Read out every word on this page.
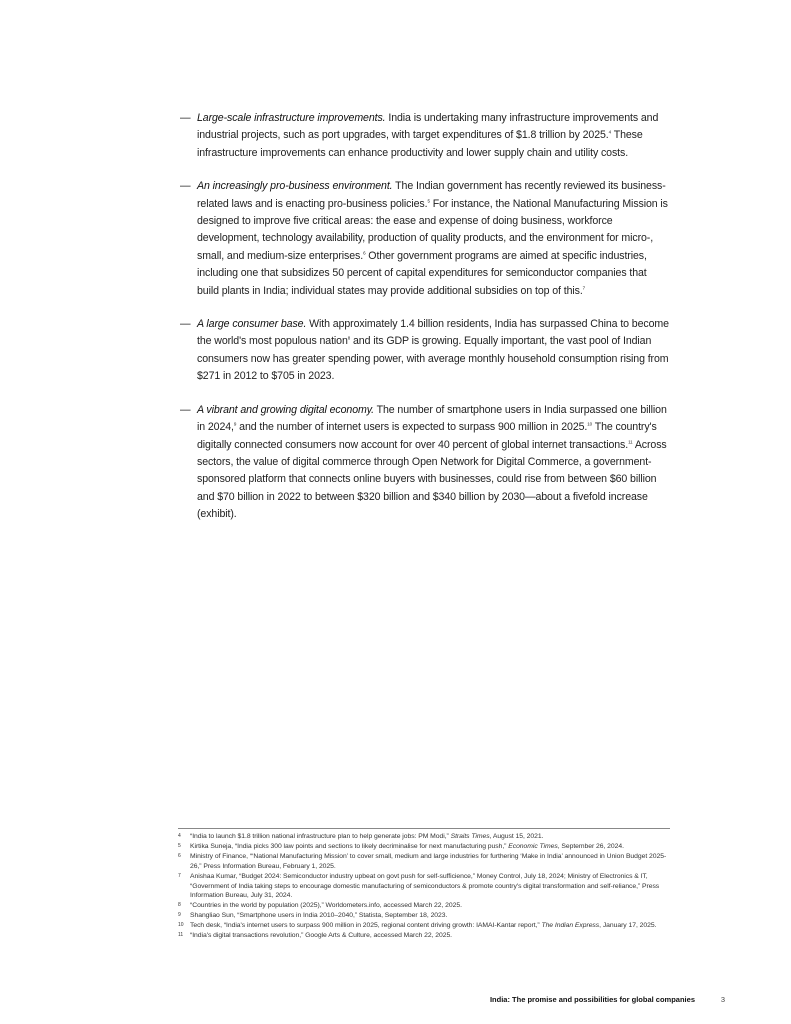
— Large-scale infrastructure improvements. India is undertaking many infrastructure improvements and industrial projects, such as port upgrades, with target expenditures of $1.8 trillion by 2025.$^4$ These infrastructure improvements can enhance productivity and lower supply chain and utility costs.

— An increasingly pro-business environment. The Indian government has recently reviewed its business-related laws and is enacting pro-business policies.$^5$ For instance, the National Manufacturing Mission is designed to improve five critical areas: the ease and expense of doing business, workforce development, technology availability, production of quality products, and the environment for micro-, small, and medium-size enterprises.$^6$ Other government programs are aimed at specific industries, including one that subsidizes 50 percent of capital expenditures for semiconductor companies that build plants in India; individual states may provide additional subsidies on top of this.$^7$

— A large consumer base. With approximately 1.4 billion residents, India has surpassed China to become the world's most populous nation$^8$ and its GDP is growing. Equally important, the vast pool of Indian consumers now has greater spending power, with average monthly household consumption rising from $271 in 2012 to $705 in 2023.

— A vibrant and growing digital economy. The number of smartphone users in India surpassed one billion in 2024,$^9$ and the number of internet users is expected to surpass 900 million in 2025.10 The country's digitally connected consumers now account for over 40 percent of global internet transactions.$^{11}$ Across sectors, the value of digital commerce through Open Network for Digital Commerce, a government-sponsored platform that connects online buyers with businesses, could rise from between $60 billion and $70 billion in 2022 to between $320 billion and $340 billion by 2030—about a fivefold increase (exhibit).

4 “India to launch $1.8 trillion national infrastructure plan to help generate jobs: PM Modi,” Straits Times, August 15, 2021.
5 Kirtika Suneja, “India picks 300 law points and sections to likely decriminalise for next manufacturing push,” Economic Times, September 26, 2024.
6 Ministry of Finance, “‘National Manufacturing Mission’ to cover small, medium and large industries for furthering ‘Make in India’ announced in Union Budget 2025-26,” Press Information Bureau, February 1, 2025.
7 Anishaa Kumar, “Budget 2024: Semiconductor industry upbeat on govt push for self-sufficience,” Money Control, July 18, 2024; Ministry of Electronics & IT, “Government of India taking steps to encourage domestic manufacturing of semiconductors & promote country's digital transformation and self-reliance,” Press Information Bureau, July 31, 2024.
8 “Countries in the world by population (2025),” Worldometers.info, accessed March 22, 2025.
9 Shangliao Sun, “Smartphone users in India 2010–2040,” Statista, September 18, 2023.
10 Tech desk, “India's internet users to surpass 900 million in 2025, regional content driving growth: IAMAI-Kantar report,” The Indian Express, January 17, 2025.
11 “India's digital transactions revolution,” Google Arts & Culture, accessed March 22, 2025.
India: The promise and possibilities for global companies	3
